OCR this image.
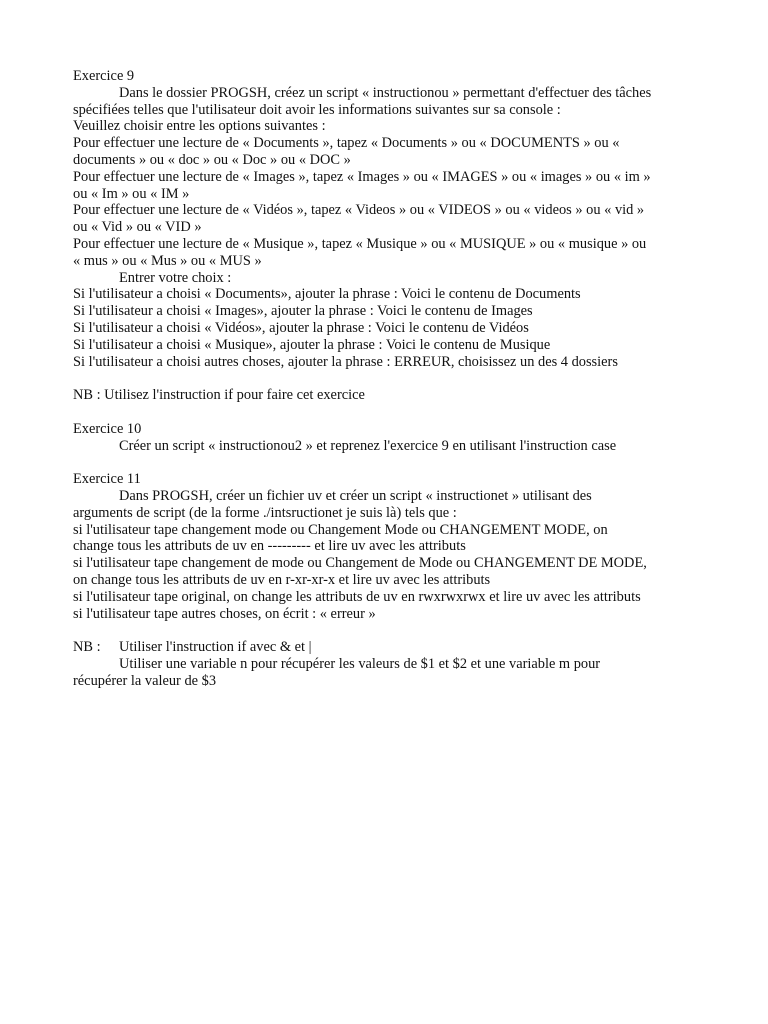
Exercice 9
Dans le dossier PROGSH, créez un script « instructionou » permettant d'effectuer des tâches
spécifiées telles que l'utilisateur doit avoir les informations suivantes sur sa console :
Veuillez choisir entre les options suivantes :
Pour effectuer une lecture de « Documents », tapez « Documents » ou « DOCUMENTS » ou «
documents » ou « doc » ou « Doc » ou « DOC »
Pour effectuer une lecture de « Images », tapez « Images » ou « IMAGES » ou « images » ou « im »
ou « Im » ou « IM »
Pour effectuer une lecture de « Vidéos », tapez « Videos » ou « VIDEOS » ou « videos » ou « vid »
ou « Vid » ou « VID »
Pour effectuer une lecture de « Musique », tapez « Musique » ou « MUSIQUE » ou « musique » ou
« mus » ou « Mus » ou « MUS »
Entrer votre choix :
Si l'utilisateur a choisi « Documents», ajouter la phrase : Voici le contenu de Documents
Si l'utilisateur a choisi « Images», ajouter la phrase : Voici le contenu de Images
Si l'utilisateur a choisi « Vidéos», ajouter la phrase : Voici le contenu de Vidéos
Si l'utilisateur a choisi « Musique», ajouter la phrase : Voici le contenu de Musique
Si l'utilisateur a choisi autres choses, ajouter la phrase : ERREUR, choisissez un des 4 dossiers
NB : Utilisez l'instruction if pour faire cet exercice
Exercice 10
Créer un script « instructionou2 » et reprenez l'exercice 9 en utilisant l'instruction case
Exercice 11
Dans PROGSH, créer un fichier uv et créer un script « instructionet » utilisant des
arguments de script (de la forme ./intsructionet je suis là) tels que :
si l'utilisateur tape changement mode ou Changement Mode ou CHANGEMENT MODE, on
change tous les attributs de uv en --------- et lire uv avec les attributs
si l'utilisateur tape changement de mode ou Changement de Mode ou CHANGEMENT DE MODE,
on change tous les attributs de uv en r-xr-xr-x et lire uv avec les attributs
si l'utilisateur tape original, on change les attributs de uv en rwxrwxrwx et lire uv avec les attributs
si l'utilisateur tape autres choses, on écrit : « erreur »
NB :	Utiliser l'instruction if avec & et |
Utiliser une variable n pour récupérer les valeurs de $1 et $2 et une variable m pour
récupérer la valeur de $3
